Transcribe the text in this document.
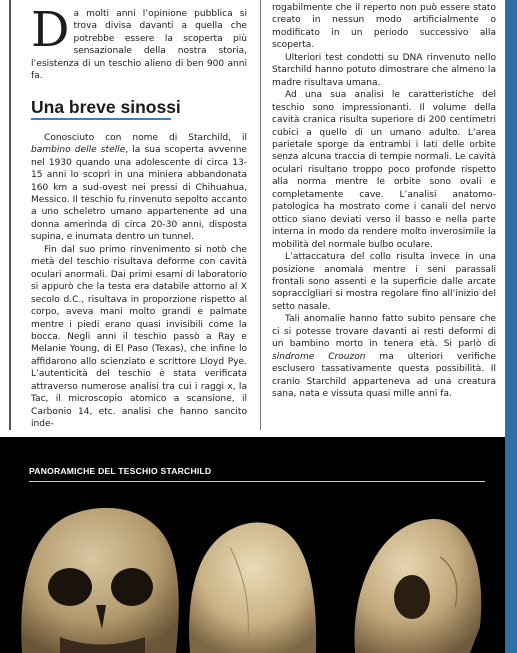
Da molti anni l’opinione pubblica si trova divisa davanti a quella che potrebbe essere la scoperta più sensazionale della nostra storia, l’esistenza di un teschio alieno di ben 900 anni fa.

Una breve sinossi

Conosciuto con nome di Starchild, il bambino delle stelle, la sua scoperta avvenne nel 1930 quando una adolescente di circa 13-15 anni lo scoprì in una miniera abbandonata 160 km a sud-ovest nei pressi di Chihuahua, Messico. Il teschio fu rinvenuto sepolto accanto a uno scheletro umano appartenente ad una donna amerinda di circa 20-30 anni, disposta supina, e inumata dentro un tunnel.

Fin dal suo primo rinvenimento si notò che metà del teschio risultava deforme con cavità oculari anormali. Dai primi esami di laboratorio si appurò che la testa era databile attorno al X secolo d.C., risultava in proporzione rispetto al corpo, aveva mani molto grandi e palmate mentre i piedi erano quasi invisibili come la bocca. Negli anni il teschio passò a Ray e Melanie Young, di El Paso (Texas), che infine lo affidarono allo scienziato e scrittore Lloyd Pye. L’autenticità del teschio è stata verificata attraverso numerose analisi tra cui i raggi x, la Tac, il microscopio atomico a scansione, il Carbonio 14, etc. analisi che hanno sancito inde-

rogabilmente che il reperto non può essere stato creato in nessun modo artificialmente o modificato in un periodo successivo alla scoperta.

Ulteriori test condotti su DNA rinvenuto nello Starchild hanno potuto dimostrare che almeno la madre risultava umana.

Ad una sua analisi le caratteristiche del teschio sono impressionanti. Il volume della cavità cranica risulta superiore di 200 centimetri cubici a quello di un umano adulto. L’area parietale sporge da entrambi i lati delle orbite senza alcuna traccia di tempie normali. Le cavità oculari risultano troppo poco profonde rispetto alla norma mentre le orbite sono ovali e completamente cave. L’analisi anatomo-patologica ha mostrato come i canali del nervo ottico siano deviati verso il basso e nella parte interna in modo da rendere molto inverosimile la mobilità del normale bulbo oculare.

L’attaccatura del collo risulta invece in una posizione anomala mentre i seni parassali frontali sono assenti e la superficie dalle arcate sopraccigliari si mostra regolare fino all’inizio del setto nasale.

Tali anomalie hanno fatto subito pensare che ci si potesse trovare davanti ai resti deformi di un bambino morto in tenera età. Si parlò di sindrome Crouzon ma ulteriori verifiche esclusero tassativamente questa possibilità. Il cranio Starchild apparteneva ad una creatura sana, nata e vissuta quasi mille anni fa.

PANORAMICHE DEL TESCHIO STARCHILD
